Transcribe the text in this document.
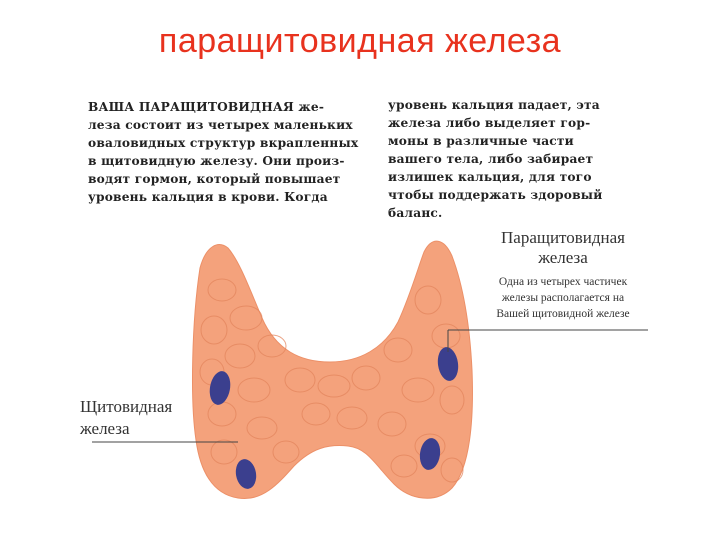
паращитовидная железа
ВАША ПАРАЩИТОВИДНАЯ же-
леза состоит из четырех маленьких
оваловидных структур вкрапленных
в щитовидную железу. Они произ-
водят гормон, который повышает
уровень кальция в крови. Когда
уровень кальция падает, эта
железа либо выделяет гор-
моны в различные части
вашего тела, либо забирает
излишек кальция, для того
чтобы поддержать здоровый
баланс.
Паращитовидная
железа
Одна из четырех частичек
железы располагается на
Вашей щитовидной железе
Щитовидная
железа
